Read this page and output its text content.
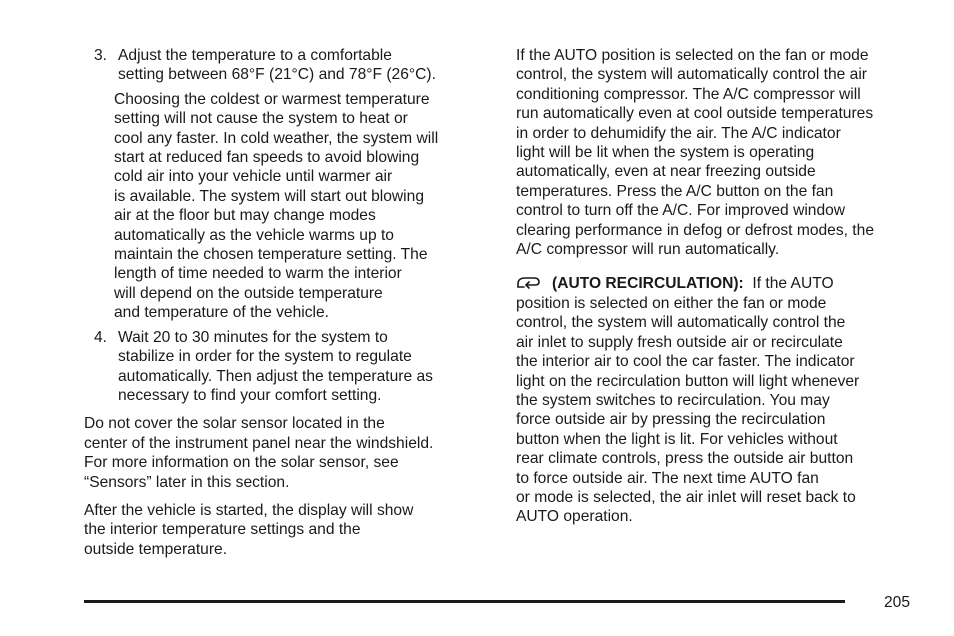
3. Adjust the temperature to a comfortable
setting between 68°F (21°C) and 78°F (26°C).
Choosing the coldest or warmest temperature
setting will not cause the system to heat or
cool any faster. In cold weather, the system will
start at reduced fan speeds to avoid blowing
cold air into your vehicle until warmer air
is available. The system will start out blowing
air at the floor but may change modes
automatically as the vehicle warms up to
maintain the chosen temperature setting. The
length of time needed to warm the interior
will depend on the outside temperature
and temperature of the vehicle.
4. Wait 20 to 30 minutes for the system to
stabilize in order for the system to regulate
automatically. Then adjust the temperature as
necessary to find your comfort setting.
Do not cover the solar sensor located in the
center of the instrument panel near the windshield.
For more information on the solar sensor, see
“Sensors” later in this section.
After the vehicle is started, the display will show
the interior temperature settings and the
outside temperature.
If the AUTO position is selected on the fan or mode
control, the system will automatically control the air
conditioning compressor. The A/C compressor will
run automatically even at cool outside temperatures
in order to dehumidify the air. The A/C indicator
light will be lit when the system is operating
automatically, even at near freezing outside
temperatures. Press the A/C button on the fan
control to turn off the A/C. For improved window
clearing performance in defog or defrost modes, the
A/C compressor will run automatically.
(AUTO RECIRCULATION): If the AUTO
position is selected on either the fan or mode
control, the system will automatically control the
air inlet to supply fresh outside air or recirculate
the interior air to cool the car faster. The indicator
light on the recirculation button will light whenever
the system switches to recirculation. You may
force outside air by pressing the recirculation
button when the light is lit. For vehicles without
rear climate controls, press the outside air button
to force outside air. The next time AUTO fan
or mode is selected, the air inlet will reset back to
AUTO operation.
205
